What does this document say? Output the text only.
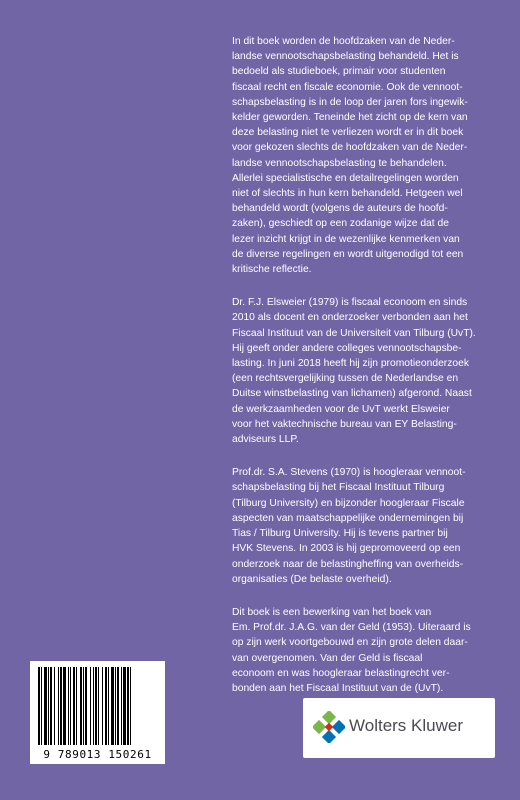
In dit boek worden de hoofdzaken van de Neder-
landse vennootschapsbelasting behandeld. Het is
bedoeld als studieboek, primair voor studenten
fiscaal recht en fiscale economie. Ook de vennoot-
schapsbelasting is in de loop der jaren fors ingewik-
kelder geworden. Teneinde het zicht op de kern van
deze belasting niet te verliezen wordt er in dit boek
voor gekozen slechts de hoofdzaken van de Neder-
landse vennootschapsbelasting te behandelen.
Allerlei specialistische en detailregelingen worden
niet of slechts in hun kern behandeld. Hetgeen wel
behandeld wordt (volgens de auteurs de hoofd-
zaken), geschiedt op een zodanige wijze dat de
lezer inzicht krijgt in de wezenlijke kenmerken van
de diverse regelingen en wordt uitgenodigd tot een
kritische reflectie.

Dr. F.J. Elsweier (1979) is fiscaal econoom en sinds
2010 als docent en onderzoeker verbonden aan het
Fiscaal Instituut van de Universiteit van Tilburg (UvT).
Hij geeft onder andere colleges vennootschapsbe-
lasting. In juni 2018 heeft hij zijn promotieonderzoek
(een rechtsvergelijking tussen de Nederlandse en
Duitse winstbelasting van lichamen) afgerond. Naast
de werkzaamheden voor de UvT werkt Elsweier
voor het vaktechnische bureau van EY Belasting-
adviseurs LLP.

Prof.dr. S.A. Stevens (1970) is hoogleraar vennoot-
schapsbelasting bij het Fiscaal Instituut Tilburg
(Tilburg University) en bijzonder hoogleraar Fiscale
aspecten van maatschappelijke ondernemingen bij
Tias / Tilburg University. Hij is tevens partner bij
HVK Stevens. In 2003 is hij gepromoveerd op een
onderzoek naar de belastingheffing van overheids-
organisaties (De belaste overheid).

Dit boek is een bewerking van het boek van
Em. Prof.dr. J.A.G. van der Geld (1953). Uiteraard is
op zijn werk voortgebouwd en zijn grote delen daar-
van overgenomen. Van der Geld is fiscaal
econoom en was hoogleraar belastingrecht ver-
bonden aan het Fiscaal Instituut van de (UvT).

9 789013 150261
Wolters Kluwer
